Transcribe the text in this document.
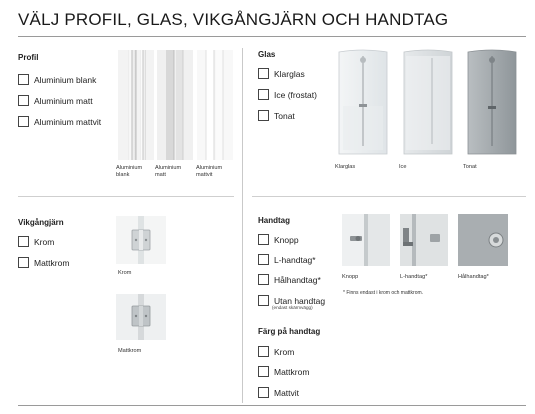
VÄLJ PROFIL, GLAS, VIKGÅNGJÄRN OCH HANDTAG
Profil
Aluminium blank
Aluminium matt
Aluminium mattvit
Aluminium
blank
Aluminium
matt
Aluminium
mattvit
Glas
Klarglas
Ice (frostat)
Tonat
Klarglas	Ice	Tonat
Vikgångjärn
Krom
Mattkrom
Krom
Mattkrom
Handtag
Knopp
L-handtag*
Hålhandtag*
Utan handtag
(endast skärmvägg)
Knopp	L-handtag*	Hålhandtag*
* Finns endast i krom och mattkrom.
Färg på handtag
Krom
Mattkrom
Mattvit
